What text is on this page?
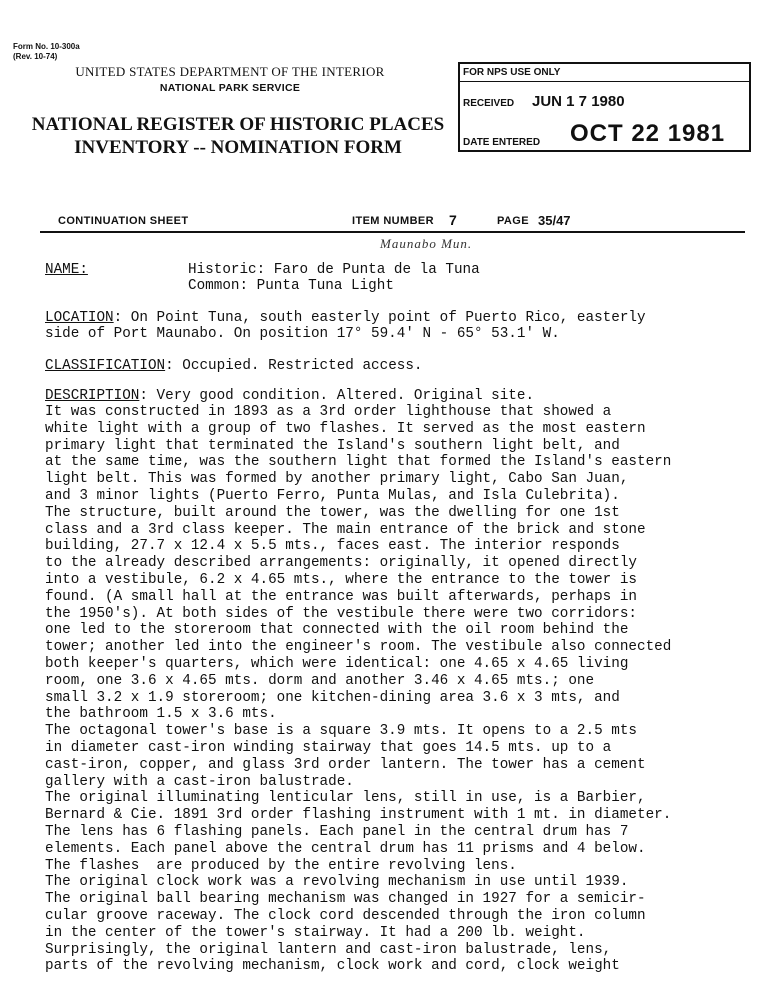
Form No. 10-300a
(Rev. 10-74)
UNITED STATES DEPARTMENT OF THE INTERIOR
NATIONAL PARK SERVICE
NATIONAL REGISTER OF HISTORIC PLACES
INVENTORY -- NOMINATION FORM
FOR NPS USE ONLY
RECEIVED JUN 1 7 1980
DATE ENTERED OCT 22 1981
CONTINUATION SHEET	ITEM NUMBER 7	PAGE 35/47
Maunabo Mun.
NAME:	Historic: Faro de Punta de la Tuna
Common: Punta Tuna Light
LOCATION: On Point Tuna, south easterly point of Puerto Rico, easterly
side of Port Maunabo. On position 17° 59.4' N - 65° 53.1' W.
CLASSIFICATION: Occupied. Restricted access.
DESCRIPTION: Very good condition. Altered. Original site.
It was constructed in 1893 as a 3rd order lighthouse that showed a
white light with a group of two flashes. It served as the most eastern
primary light that terminated the Island's southern light belt, and
at the same time, was the southern light that formed the Island's eastern
light belt. This was formed by another primary light, Cabo San Juan,
and 3 minor lights (Puerto Ferro, Punta Mulas, and Isla Culebrita).
The structure, built around the tower, was the dwelling for one 1st
class and a 3rd class keeper. The main entrance of the brick and stone
building, 27.7 x 12.4 x 5.5 mts., faces east. The interior responds
to the already described arrangements: originally, it opened directly
into a vestibule, 6.2 x 4.65 mts., where the entrance to the tower is
found. (A small hall at the entrance was built afterwards, perhaps in
the 1950's). At both sides of the vestibule there were two corridors:
one led to the storeroom that connected with the oil room behind the
tower; another led into the engineer's room. The vestibule also connected
both keeper's quarters, which were identical: one 4.65 x 4.65 living
room, one 3.6 x 4.65 mts. dorm and another 3.46 x 4.65 mts.; one
small 3.2 x 1.9 storeroom; one kitchen-dining area 3.6 x 3 mts, and
the bathroom 1.5 x 3.6 mts.
The octagonal tower's base is a square 3.9 mts. It opens to a 2.5 mts
in diameter cast-iron winding stairway that goes 14.5 mts. up to a
cast-iron, copper, and glass 3rd order lantern. The tower has a cement
gallery with a cast-iron balustrade.
The original illuminating lenticular lens, still in use, is a Barbier,
Bernard & Cie. 1891 3rd order flashing instrument with 1 mt. in diameter.
The lens has 6 flashing panels. Each panel in the central drum has 7
elements. Each panel above the central drum has 11 prisms and 4 below.
The flashes  are produced by the entire revolving lens.
The original clock work was a revolving mechanism in use until 1939.
The original ball bearing mechanism was changed in 1927 for a semicir-
cular groove raceway. The clock cord descended through the iron column
in the center of the tower's stairway. It had a 200 lb. weight.
Surprisingly, the original lantern and cast-iron balustrade, lens,
parts of the revolving mechanism, clock work and cord, clock weight
